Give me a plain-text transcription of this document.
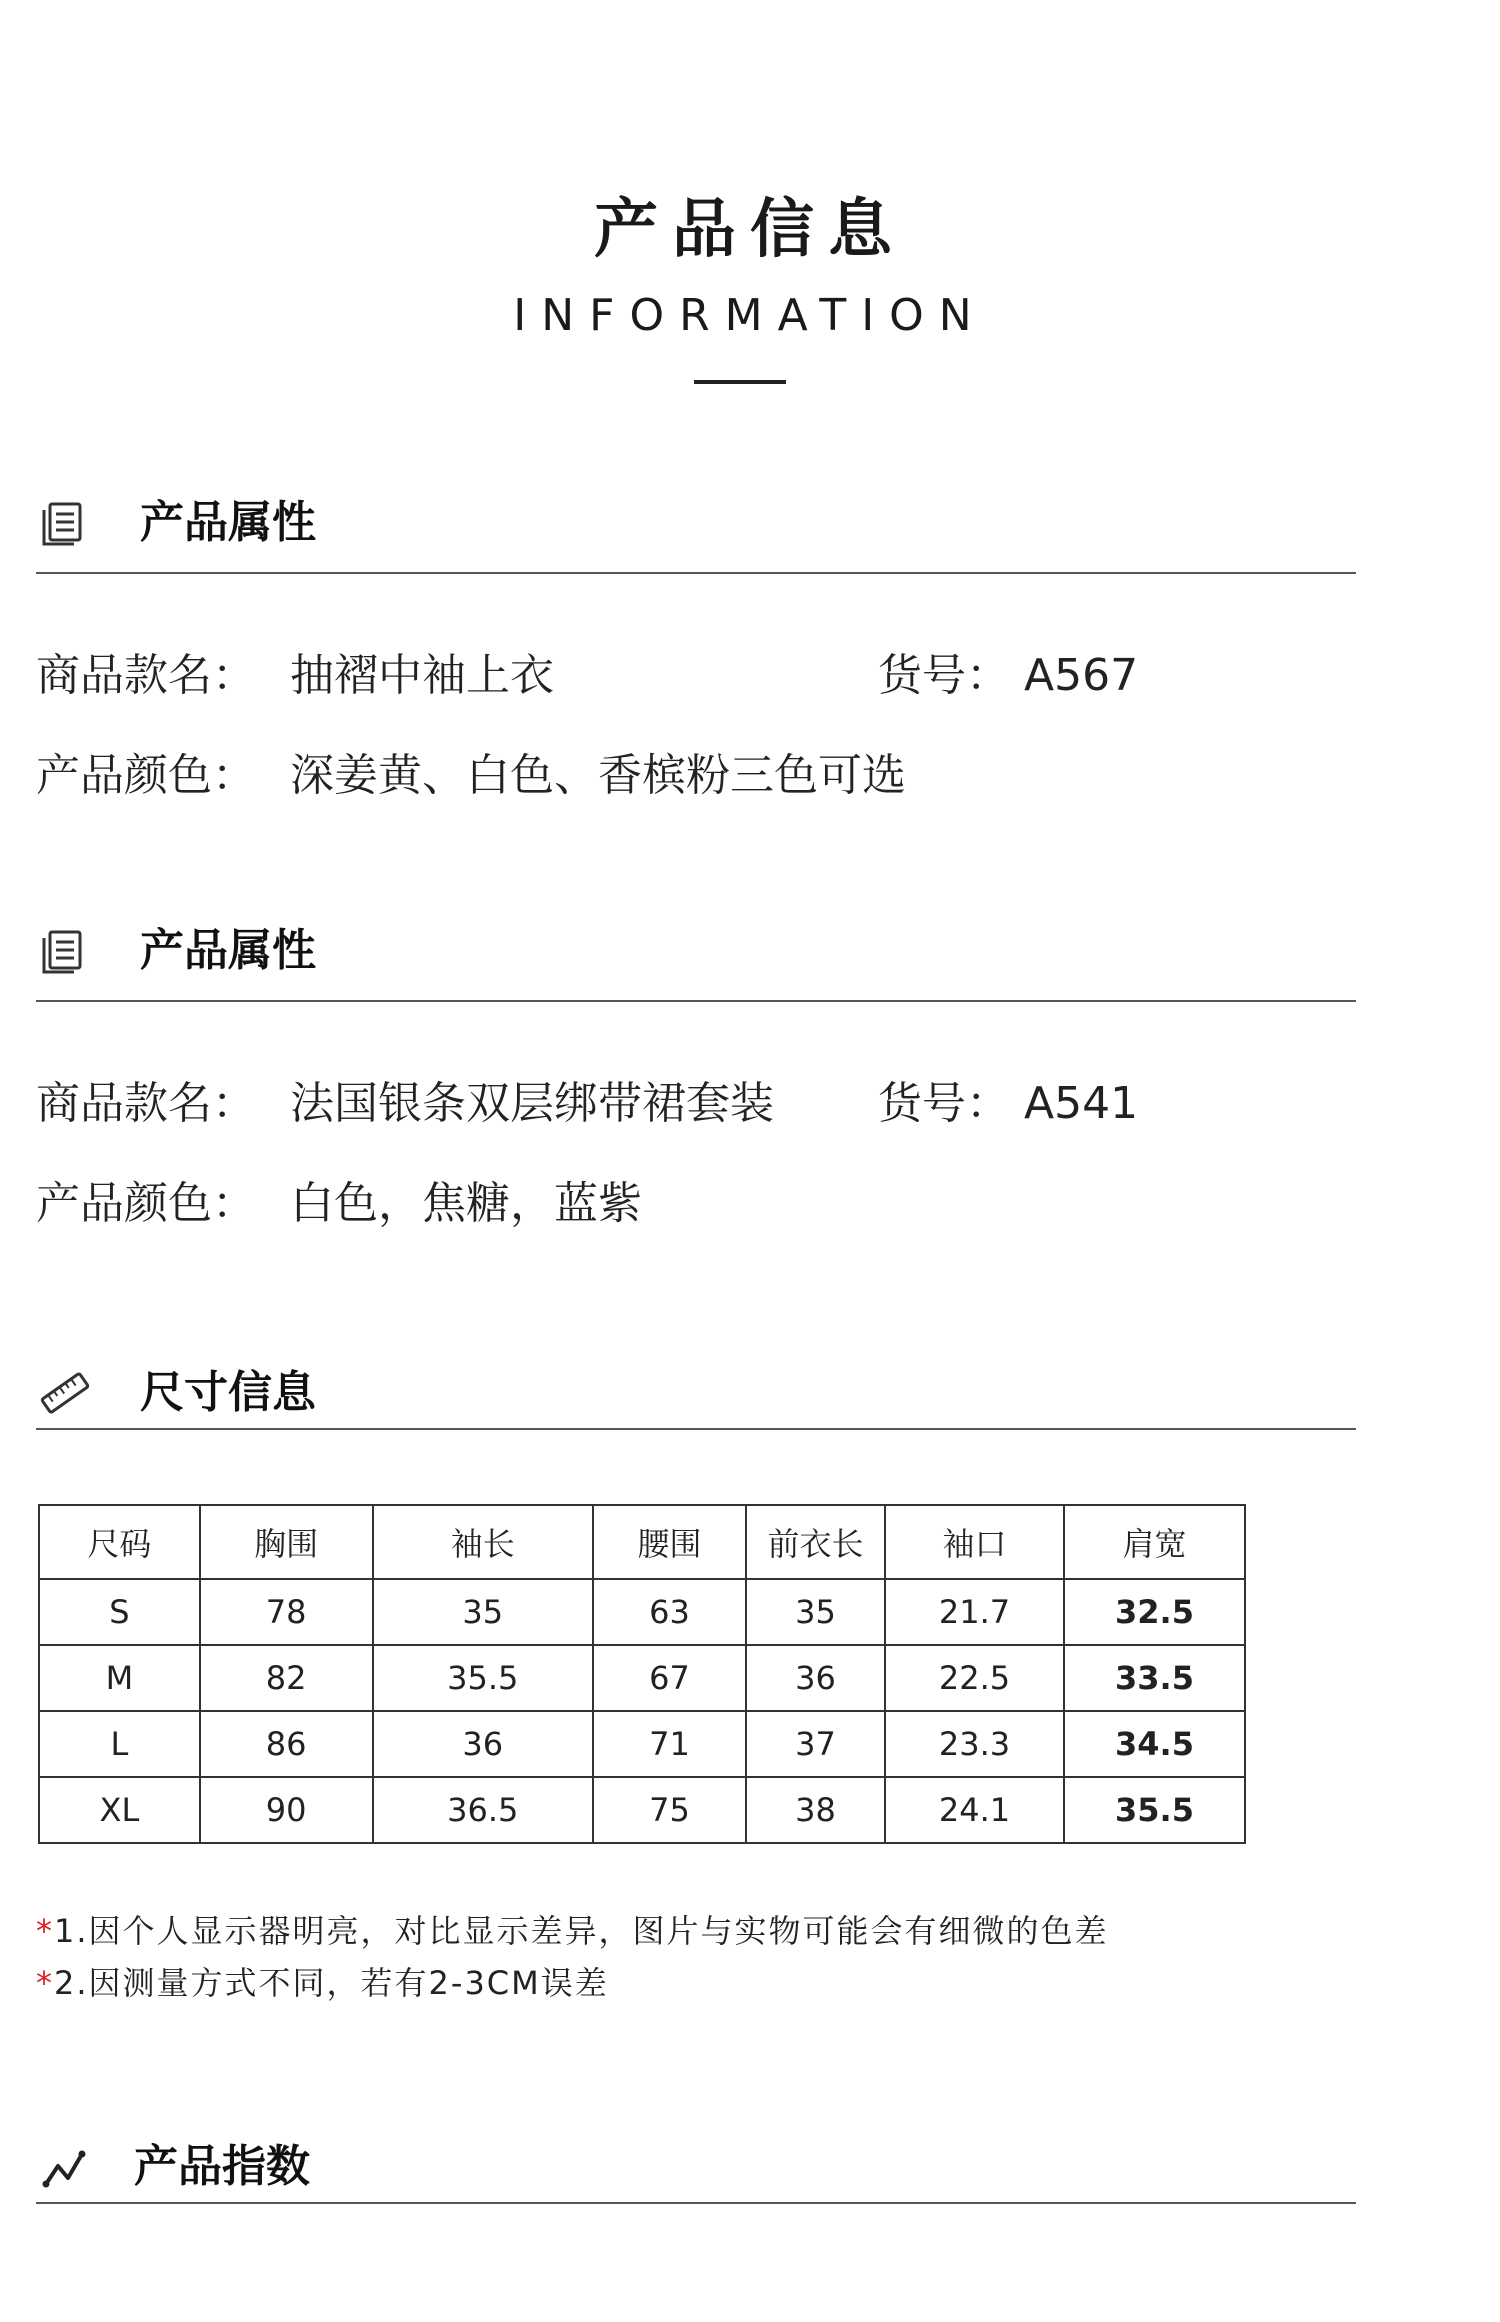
产品信息
INFORMATION
产品属性
商品款名： 抽褶中袖上衣	货号： A567
产品颜色： 深姜黄、白色、香槟粉三色可选
产品属性
商品款名： 法国银条双层绑带裙套装 货号： A541
产品颜色： 白色，焦糖，蓝紫
尺寸信息
尺码	胸围	袖长	腰围	前衣长	袖口	肩宽
S	78	35	63	35	21.7	32.5
M	82	35.5	67	36	22.5	33.5
L	86	36	71	37	23.3	34.5
XL	90	36.5	75	38	24.1	35.5
*1.因个人显示器明亮，对比显示差异，图片与实物可能会有细微的色差
*2.因测量方式不同，若有2-3CM误差
产品指数
